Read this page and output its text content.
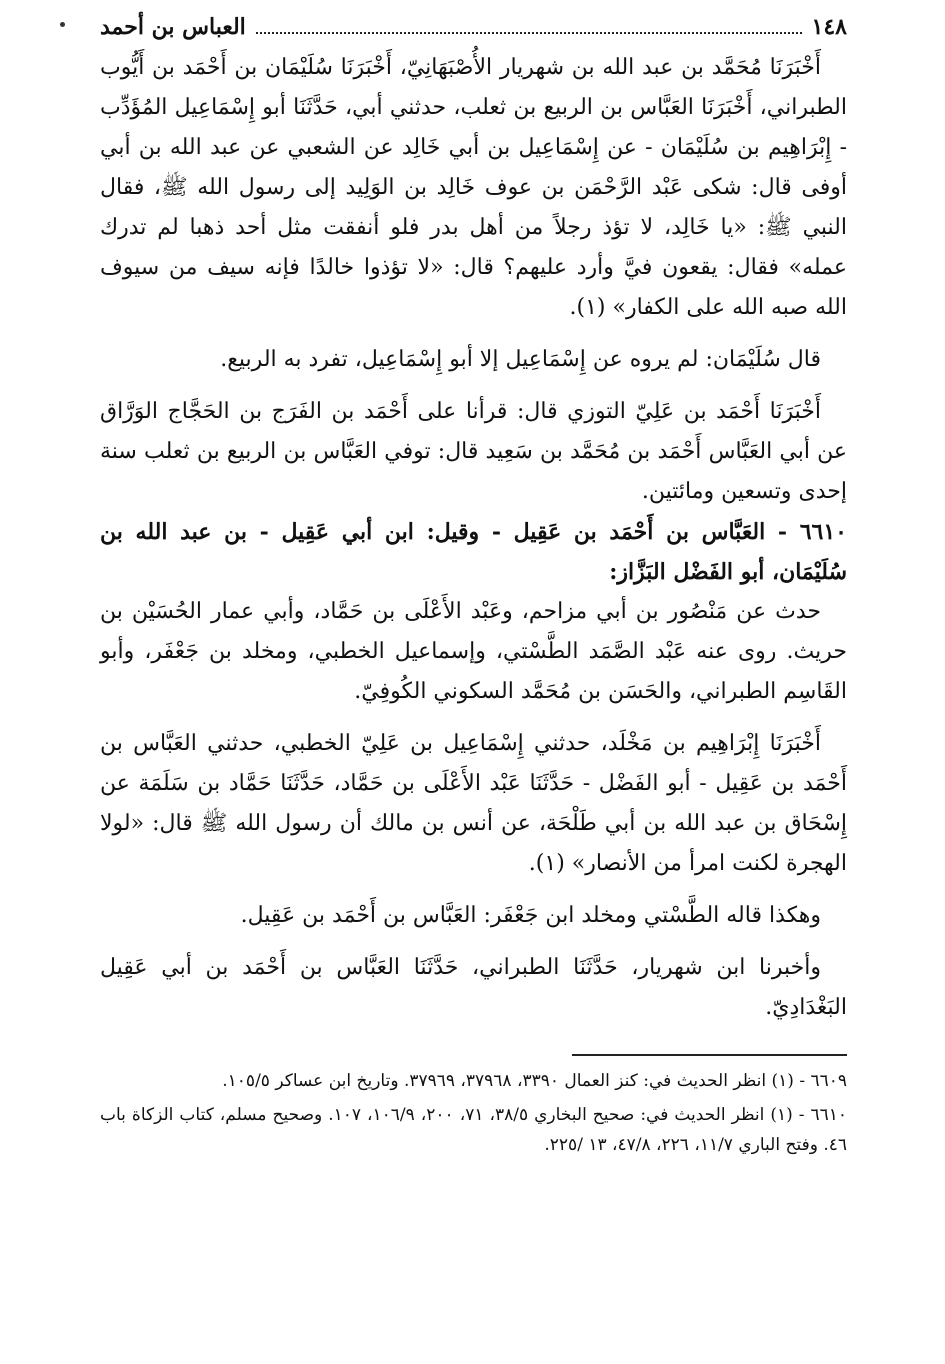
١٤٨
العباس بن أحمد

أَخْبَرَنَا مُحَمَّد بن عبد الله بن شهريار الأُصْبَهَانِيّ، أَخْبَرَنَا سُلَيْمَان بن أَحْمَد بن أَيُّوب الطبراني، أَخْبَرَنَا العَبَّاس بن الربيع بن ثعلب، حدثني أبي، حَدَّثَنَا أبو إِسْمَاعِيل المُؤَدِّب - إِبْرَاهِيم بن سُلَيْمَان - عن إِسْمَاعِيل بن أبي خَالِد عن الشعبي عن عبد الله بن أبي أوفى قال: شكى عَبْد الرَّحْمَن بن عوف خَالِد بن الوَلِيد إلى رسول الله ﷺ، فقال النبي ﷺ: «يا خَالِد، لا تؤذ رجلاً من أهل بدر فلو أنفقت مثل أحد ذهبا لم تدرك عمله» فقال: يقعون فيَّ وأرد عليهم؟ قال: «لا تؤذوا خالدًا فإنه سيف من سيوف الله صبه الله على الكفار» (١).

قال سُلَيْمَان: لم يروه عن إِسْمَاعِيل إلا أبو إِسْمَاعِيل، تفرد به الربيع.

أَخْبَرَنَا أَحْمَد بن عَلِيّ التوزي قال: قرأنا على أَحْمَد بن الفَرَج بن الحَجَّاج الوَرَّاق عن أبي العَبَّاس أَحْمَد بن مُحَمَّد بن سَعِيد قال: توفي العَبَّاس بن الربيع بن ثعلب سنة إحدى وتسعين ومائتين.

٦٦١٠ - العَبَّاس بن أَحْمَد بن عَقِيل - وقيل: ابن أبي عَقِيل - بن عبد الله بن سُلَيْمَان، أبو الفَضْل البَزَّاز:

حدث عن مَنْصُور بن أبي مزاحم، وعَبْد الأَعْلَى بن حَمَّاد، وأبي عمار الحُسَيْن بن حريث. روى عنه عَبْد الصَّمَد الطَّسْتي، وإسماعيل الخطبي، ومخلد بن جَعْفَر، وأبو القَاسِم الطبراني، والحَسَن بن مُحَمَّد السكوني الكُوفِيّ.

أَخْبَرَنَا إِبْرَاهِيم بن مَخْلَد، حدثني إِسْمَاعِيل بن عَلِيّ الخطبي، حدثني العَبَّاس بن أَحْمَد بن عَقِيل - أبو الفَضْل - حَدَّثَنَا عَبْد الأَعْلَى بن حَمَّاد، حَدَّثَنَا حَمَّاد بن سَلَمَة عن إِسْحَاق بن عبد الله بن أبي طَلْحَة، عن أنس بن مالك أن رسول الله ﷺ قال: «لولا الهجرة لكنت امرأ من الأنصار» (١).

وهكذا قاله الطَّسْتي ومخلد ابن جَعْفَر: العَبَّاس بن أَحْمَد بن عَقِيل.

وأخبرنا ابن شهريار، حَدَّثَنَا الطبراني، حَدَّثَنَا العَبَّاس بن أَحْمَد بن أبي عَقِيل البَغْدَادِيّ.

٦٦٠٩ - (١) انظر الحديث في: كنز العمال ٣٣٩٠، ٣٧٩٦٨، ٣٧٩٦٩. وتاريخ ابن عساكر ١٠٥/٥.

٦٦١٠ - (١) انظر الحديث في: صحيح البخاري ٣٨/٥، ٧١، ٢٠٠، ١٠٦/٩، ١٠٧. وصحيح مسلم، كتاب الزكاة باب ٤٦. وفتح الباري ١١/٧، ٢٢٦، ٤٧/٨، ١٣ /٢٢٥.
